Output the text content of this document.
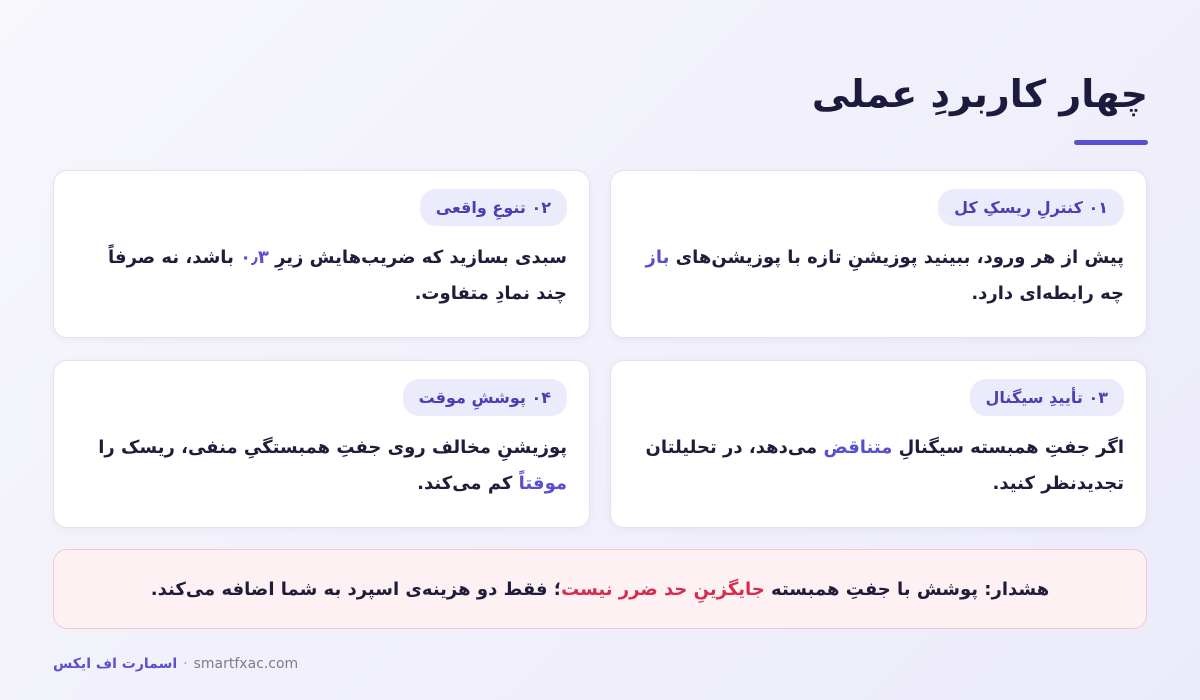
چهار کاربردِ عملی
۰۱ کنترلِ ریسکِ کل

پیش از هر ورود، ببینید پوزیشنِ تازه با پوزیشن‌های باز چه رابطه‌ای دارد.

۰۲ تنوعِ واقعی

سبدی بسازید که ضریب‌هایش زیرِ ۰٫۳ باشد، نه صرفاً چند نمادِ متفاوت.

۰۳ تأییدِ سیگنال

اگر جفتِ همبسته سیگنالِ متناقض می‌دهد، در تحلیلتان تجدیدنظر کنید.

۰۴ پوششِ موقت

پوزیشنِ مخالف روی جفتِ همبستگیِ منفی، ریسک را موقتاً کم می‌کند.

هشدار: پوشش با جفتِ همبسته جایگزینِ حد ضرر نیست؛ فقط دو هزینه‌ی اسپرد به شما اضافه می‌کند.

اسمارت اف ایکس · smartfxac.com
